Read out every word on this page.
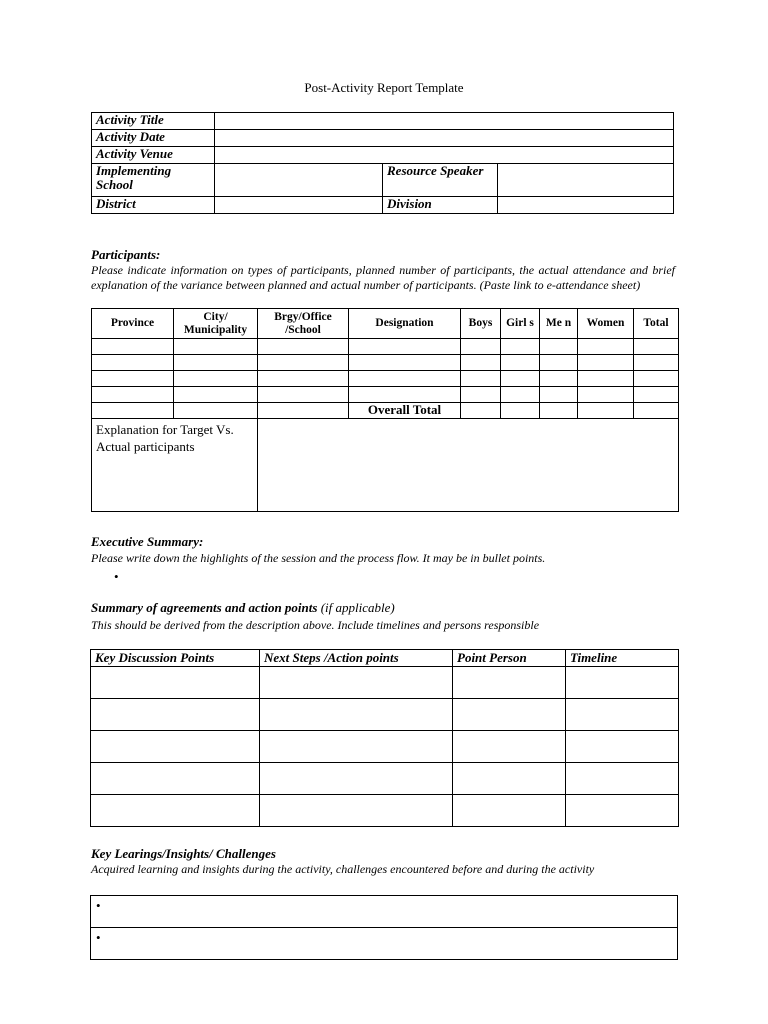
Post-Activity Report Template
Activity Title			
Activity Date			
Activity Venue			
Implementing School		Resource Speaker	
District		Division	
Participants:
Please indicate information on types of participants, planned number of participants, the actual attendance and brief explanation of the variance between planned and actual number of participants. (Paste link to e-attendance sheet)
Province	City/ Municipality	Brgy/Office /School	Designation	Boys	Girl s	Me n	Women	Total

			Overall Total					
Explanation for Target Vs. Actual participants								
Executive Summary:
Please write down the highlights of the session and the process flow. It may be in bullet points.
•
Summary of agreements and action points (if applicable)
This should be derived from the description above. Include timelines and persons responsible
Key Discussion Points	Next Steps /Action points	Point Person	Timeline

Key Learings/Insights/ Challenges
Acquired learning and insights during the activity, challenges encountered before and during the activity
•
•
